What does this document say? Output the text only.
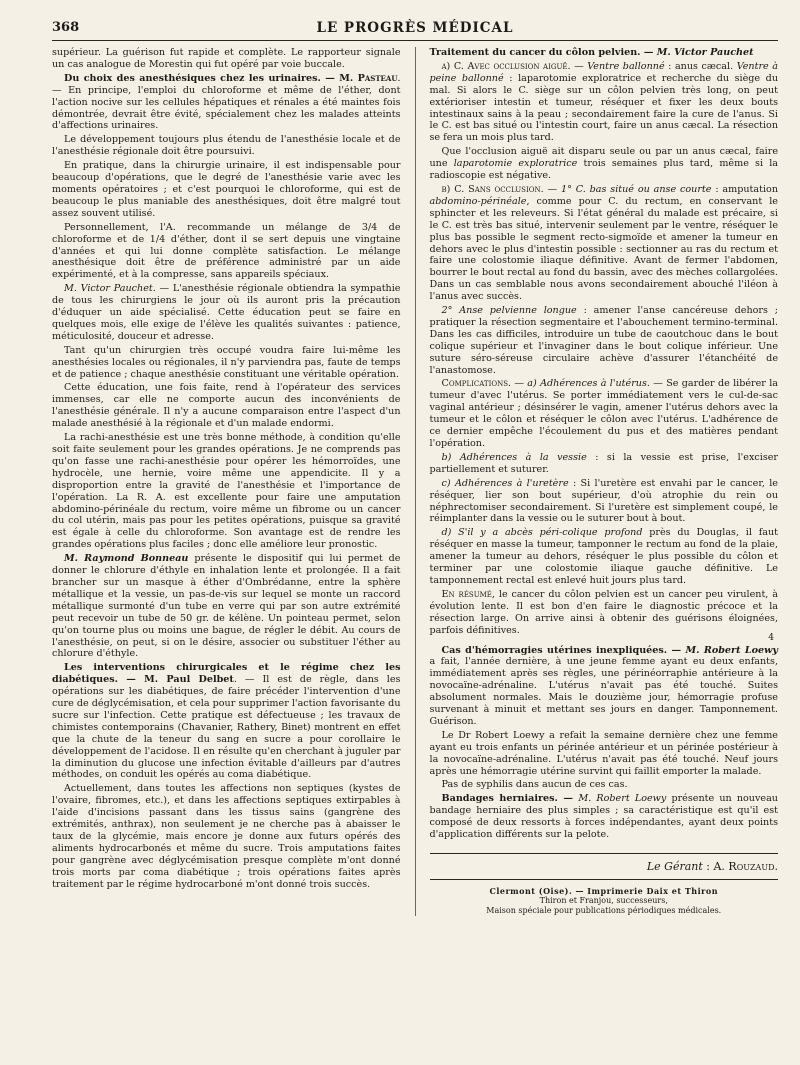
368	LE PROGRÈS MÉDICAL

supérieur. La guérison fut rapide et complète. Le rapporteur signale un cas analogue de Morestin qui fut opéré par voie buccale.

Du choix des anesthésiques chez les urinaires. — M. Pasteau. — En principe, l'emploi du chloroforme et même de l'éther, dont l'action nocive sur les cellules hépatiques et rénales a été maintes fois démontrée, devrait être évité, spécialement chez les malades atteints d'affections urinaires.

Le développement toujours plus étendu de l'anesthésie locale et de l'anesthésie régionale doit être poursuivi.

En pratique, dans la chirurgie urinaire, il est indispensable pour beaucoup d'opérations, que le degré de l'anesthésie varie avec les moments opératoires ; et c'est pourquoi le chloroforme, qui est de beaucoup le plus maniable des anesthésiques, doit être malgré tout assez souvent utilisé.

Personnellement, l'A. recommande un mélange de 3/4 de chloroforme et de 1/4 d'éther, dont il se sert depuis une vingtaine d'années et qui lui donne complète satisfaction. Le mélange anesthésique doit être de préférence administré par un aide expérimenté, et à la compresse, sans appareils spéciaux.

M. Victor Pauchet. — L'anesthésie régionale obtiendra la sympathie de tous les chirurgiens le jour où ils auront pris la précaution d'éduquer un aide spécialisé. Cette éducation peut se faire en quelques mois, elle exige de l'élève les qualités suivantes : patience, méticulosité, douceur et adresse.

Tant qu'un chirurgien très occupé voudra faire lui-même les anesthésies locales ou régionales, il n'y parviendra pas, faute de temps et de patience ; chaque anesthésie constituant une véritable opération.

Cette éducation, une fois faite, rend à l'opérateur des services immenses, car elle ne comporte aucun des inconvénients de l'anesthésie générale. Il n'y a aucune comparaison entre l'aspect d'un malade anesthésié à la régionale et d'un malade endormi.

La rachi-anesthésie est une très bonne méthode, à condition qu'elle soit faite seulement pour les grandes opérations. Je ne comprends pas qu'on fasse une rachi-anesthésie pour opérer les hémorroïdes, une hydrocèle, une hernie, voire même une appendicite. Il y a disproportion entre la gravité de l'anesthésie et l'importance de l'opération. La R. A. est excellente pour faire une amputation abdomino-périnéale du rectum, voire même un fibrome ou un cancer du col utérin, mais pas pour les petites opérations, puisque sa gravité est égale à celle du chloroforme. Son avantage est de rendre les grandes opérations plus faciles ; donc elle améliore leur pronostic.

M. Raymond Bonneau présente le dispositif qui lui permet de donner le chlorure d'éthyle en inhalation lente et prolongée. Il a fait brancher sur un masque à éther d'Ombrédanne, entre la sphère métallique et la vessie, un pas-de-vis sur lequel se monte un raccord métallique surmonté d'un tube en verre qui par son autre extrémité peut recevoir un tube de 50 gr. de kélène. Un pointeau permet, selon qu'on tourne plus ou moins une bague, de régler le débit. Au cours de l'anesthésie, on peut, si on le désire, associer ou substituer l'éther au chlorure d'éthyle.

Les interventions chirurgicales et le régime chez les diabétiques. — M. Paul Delbet. — Il est de règle, dans les opérations sur les diabétiques, de faire précéder l'intervention d'une cure de déglycémisation, et cela pour supprimer l'action favorisante du sucre sur l'infection. Cette pratique est défectueuse ; les travaux de chimistes contemporains (Chavanier, Rathery, Binet) montrent en effet que la chute de la teneur du sang en sucre a pour corollaire le développement de l'acidose. Il en résulte qu'en cherchant à juguler par la diminution du glucose une infection évitable d'ailleurs par d'autres méthodes, on conduit les opérés au coma diabétique.

Actuellement, dans toutes les affections non septiques (kystes de l'ovaire, fibromes, etc.), et dans les affections septiques extirpables à l'aide d'incisions passant dans les tissus sains (gangrène des extrémités, anthrax), non seulement je ne cherche pas à abaisser le taux de la glycémie, mais encore je donne aux futurs opérés des aliments hydrocarbonés et même du sucre. Trois amputations faites pour gangrène avec déglycémisation presque complète m'ont donné trois morts par coma diabétique ; trois opérations faites après traitement par le régime hydrocarboné m'ont donné trois succès.

Traitement du cancer du côlon pelvien. — M. Victor Pauchet

a) C. Avec occlusion aiguë. — Ventre ballonné : anus cæcal. Ventre à peine ballonné : laparotomie exploratrice et recherche du siège du mal. Si alors le C. siège sur un côlon pelvien très long, on peut extérioriser intestin et tumeur, réséquer et fixer les deux bouts intestinaux sains à la peau ; secondairement faire la cure de l'anus. Si le C. est bas situé ou l'intestin court, faire un anus cæcal. La résection se fera un mois plus tard.

Que l'occlusion aiguë ait disparu seule ou par un anus cæcal, faire une laparotomie exploratrice trois semaines plus tard, même si la radioscopie est négative.

b) C. Sans occlusion. — 1° C. bas situé ou anse courte : amputation abdomino-périnéale, comme pour C. du rectum, en conservant le sphincter et les releveurs. Si l'état général du malade est précaire, si le C. est très bas situé, intervenir seulement par le ventre, réséquer le plus bas possible le segment recto-sigmoïde et amener la tumeur en dehors avec le plus d'intestin possible : sectionner au ras du rectum et faire une colostomie iliaque définitive. Avant de fermer l'abdomen, bourrer le bout rectal au fond du bassin, avec des mèches collargolées. Dans un cas semblable nous avons secondairement abouché l'iléon à l'anus avec succès.

2° Anse pelvienne longue : amener l'anse cancéreuse dehors ; pratiquer la résection segmentaire et l'abouchement termino-terminal. Dans les cas difficiles, introduire un tube de caoutchouc dans le bout colique supérieur et l'invaginer dans le bout colique inférieur. Une suture séro-séreuse circulaire achève d'assurer l'étanchéité de l'anastomose.

Complications. — a) Adhérences à l'utérus. — Se garder de libérer la tumeur d'avec l'utérus. Se porter immédiatement vers le cul-de-sac vaginal antérieur ; désinsérer le vagin, amener l'utérus dehors avec la tumeur et le côlon et réséquer le côlon avec l'utérus. L'adhérence de ce dernier empêche l'écoulement du pus et des matières pendant l'opération.

b) Adhérences à la vessie : si la vessie est prise, l'exciser partiellement et suturer.

c) Adhérences à l'uretère : Si l'uretère est envahi par le cancer, le réséquer, lier son bout supérieur, d'où atrophie du rein ou néphrectomiser secondairement. Si l'uretère est simplement coupé, le réimplanter dans la vessie ou le suturer bout à bout.

d) S'il y a abcès péri-colique profond près du Douglas, il faut réséquer en masse la tumeur, tamponner le rectum au fond de la plaie, amener la tumeur au dehors, réséquer le plus possible du côlon et terminer par une colostomie iliaque gauche définitive. Le tamponnement rectal est enlevé huit jours plus tard.

En résumé, le cancer du côlon pelvien est un cancer peu virulent, à évolution lente. Il est bon d'en faire le diagnostic précoce et la résection large. On arrive ainsi à obtenir des guérisons éloignées, parfois définitives.

4

Cas d'hémorragies utérines inexpliquées. — M. Robert Loewy a fait, l'année dernière, à une jeune femme ayant eu deux enfants, immédiatement après ses règles, une périnéorraphie antérieure à la novocaïne-adrénaline. L'utérus n'avait pas été touché. Suites absolument normales. Mais le douzième jour, hémorragie profuse survenant à minuit et mettant ses jours en danger. Tamponnement. Guérison.

Le Dr Robert Loewy a refait la semaine dernière chez une femme ayant eu trois enfants un périnée antérieur et un périnée postérieur à la novocaïne-adrénaline. L'utérus n'avait pas été touché. Neuf jours après une hémorragie utérine survint qui faillit emporter la malade.

Pas de syphilis dans aucun de ces cas.

Bandages herniaires. — M. Robert Loewy présente un nouveau bandage herniaire des plus simples ; sa caractéristique est qu'il est composé de deux ressorts à forces indépendantes, ayant deux points d'application différents sur la pelote.

Le Gérant : A. Rouzaud.
Clermont (Oise). — Imprimerie Daix et Thiron
Thiron et Franjou, successeurs,
Maison spéciale pour publications périodiques médicales.
